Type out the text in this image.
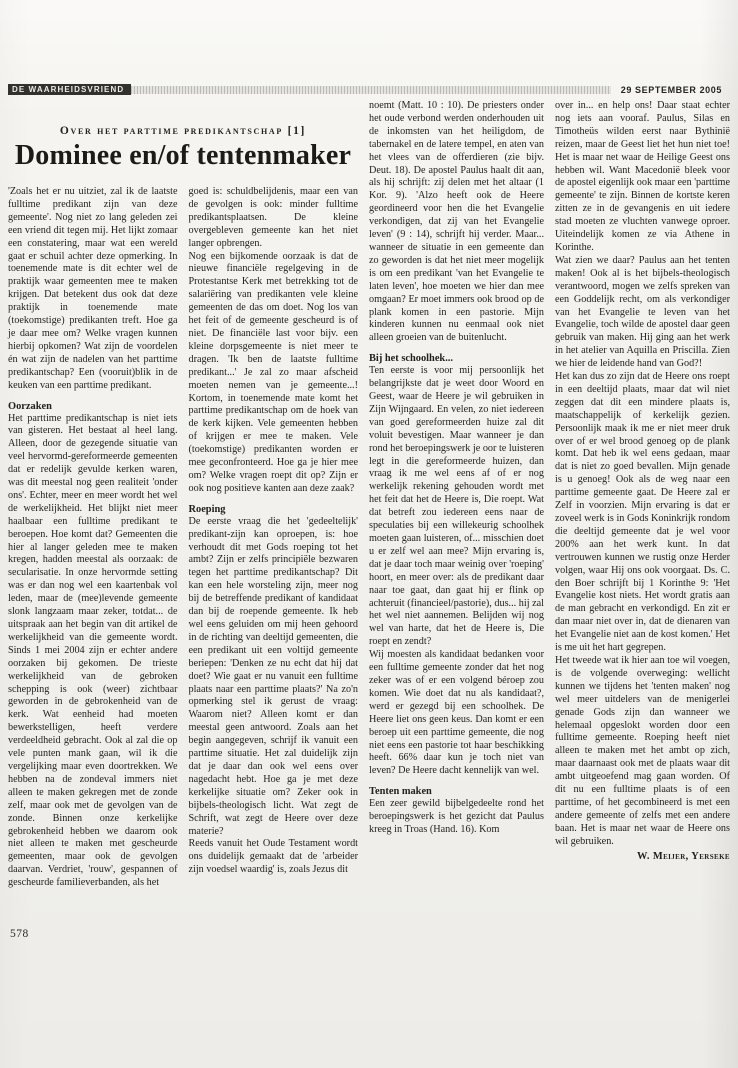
DE WAARHEIDSVRIEND	29 SEPTEMBER 2005
Over het parttime predikantschap [1]
Dominee en/of tentenmaker

'Zoals het er nu uitziet, zal ik de laatste fulltime predikant zijn van deze gemeente'. Nog niet zo lang geleden zei een vriend dit tegen mij. Het lijkt zomaar een constatering, maar wat een wereld gaat er schuil achter deze opmerking. In toenemende mate is dit echter wel de praktijk waar gemeenten mee te maken krijgen. Dat betekent dus ook dat deze praktijk in toenemende mate (toekomstige) predikanten treft. Hoe ga je daar mee om? Welke vragen kunnen hierbij opkomen? Wat zijn de voordelen én wat zijn de nadelen van het parttime predikantschap? Een (vooruit)blik in de keuken van een parttime predikant.

Oorzaken

Het parttime predikantschap is niet iets van gisteren. Het bestaat al heel lang. Alleen, door de gezegende situatie van veel hervormd-gereformeerde gemeenten dat er redelijk gevulde kerken waren, was dit meestal nog geen realiteit 'onder ons'. Echter, meer en meer wordt het wel de werkelijkheid. Het blijkt niet meer haalbaar een fulltime predikant te beroepen. Hoe komt dat? Gemeenten die hier al langer geleden mee te maken kregen, hadden meestal als oorzaak: de secularisatie. In onze hervormde setting was er dan nog wel een kaartenbak vol leden, maar de (mee)levende gemeente slonk langzaam maar zeker, totdat... de uitspraak aan het begin van dit artikel de werkelijkheid van die gemeente wordt. Sinds 1 mei 2004 zijn er echter andere oorzaken bij gekomen. De trieste werkelijkheid van de gebroken schepping is ook (weer) zichtbaar geworden in de gebrokenheid van de kerk. Wat eenheid had moeten bewerkstelligen, heeft verdere verdeeldheid gebracht. Ook al zal die op vele punten mank gaan, wil ik die vergelijking maar even doortrekken. We hebben na de zondeval immers niet alleen te maken gekregen met de zonde zelf, maar ook met de gevolgen van de zonde. Binnen onze kerkelijke gebrokenheid hebben we daarom ook niet alleen te maken met gescheurde gemeenten, maar ook de gevolgen daarvan. Verdriet, 'rouw', gespannen of gescheurde familieverbanden, als het

goed is: schuldbelijdenis, maar een van de gevolgen is ook: minder fulltime predikantsplaatsen. De kleine overgebleven gemeente kan het niet langer opbrengen.

Nog een bijkomende oorzaak is dat de nieuwe financiële regelgeving in de Protestantse Kerk met betrekking tot de salariëring van predikanten vele kleine gemeenten de das om doet. Nog los van het feit of de gemeente gescheurd is of niet. De financiële last voor bijv. een kleine dorpsgemeente is niet meer te dragen. 'Ik ben de laatste fulltime predikant...' Je zal zo maar afscheid moeten nemen van je gemeente...! Kortom, in toenemende mate komt het parttime predikantschap om de hoek van de kerk kijken. Vele gemeenten hebben of krijgen er mee te maken. Vele (toekomstige) predikanten worden er mee geconfronteerd. Hoe ga je hier mee om? Welke vragen roept dit op? Zijn er ook nog positieve kanten aan deze zaak?

Roeping

De eerste vraag die het 'gedeeltelijk' predikant-zijn kan oproepen, is: hoe verhoudt dit met Gods roeping tot het ambt? Zijn er zelfs principiële bezwaren tegen het parttime predikantschap? Dit kan een hele worsteling zijn, meer nog bij de betreffende predikant of kandidaat dan bij de roepende gemeente. Ik heb wel eens geluiden om mij heen gehoord in de richting van deeltijd gemeenten, die een predikant uit een voltijd gemeente beriepen: 'Denken ze nu echt dat hij dat doet? Wie gaat er nu vanuit een fulltime plaats naar een parttime plaats?' Na zo'n opmerking stel ik gerust de vraag: Waarom niet? Alleen komt er dan meestal geen antwoord. Zoals aan het begin aangegeven, schrijf ik vanuit een parttime situatie. Het zal duidelijk zijn dat je daar dan ook wel eens over nagedacht hebt. Hoe ga je met deze kerkelijke situatie om? Zeker ook in bijbels-theologisch licht. Wat zegt de Schrift, wat zegt de Heere over deze materie?

Reeds vanuit het Oude Testament wordt ons duidelijk gemaakt dat de 'arbeider zijn voedsel waardig' is, zoals Jezus dit

noemt (Matt. 10 : 10). De priesters onder het oude verbond werden onderhouden uit de inkomsten van het heiligdom, de tabernakel en de latere tempel, en aten van het vlees van de offerdieren (zie bijv. Deut. 18). De apostel Paulus haalt dit aan, als hij schrijft: zij delen met het altaar (1 Kor. 9). 'Alzo heeft ook de Heere geordineerd voor hen die het Evangelie verkondigen, dat zij van het Evangelie leven' (9 : 14), schrijft hij verder. Maar... wanneer de situatie in een gemeente dan zo geworden is dat het niet meer mogelijk is om een predikant 'van het Evangelie te laten leven', hoe moeten we hier dan mee omgaan? Er moet immers ook brood op de plank komen in een pastorie. Mijn kinderen kunnen nu eenmaal ook niet alleen groeien van de buitenlucht.

Bij het schoolhek...

Ten eerste is voor mij persoonlijk het belangrijkste dat je weet door Woord en Geest, waar de Heere je wil gebruiken in Zijn Wijngaard. En velen, zo niet iedereen van goed gereformeerden huize zal dit voluit bevestigen. Maar wanneer je dan rond het beroepingswerk je oor te luisteren legt in die gereformeerde huizen, dan vraag ik me wel eens af of er nog werkelijk rekening gehouden wordt met het feit dat het de Heere is, Die roept. Wat dat betreft zou iedereen eens naar de speculaties bij een willekeurig schoolhek moeten gaan luisteren, of... misschien doet u er zelf wel aan mee? Mijn ervaring is, dat je daar toch maar weinig over 'roeping' hoort, en meer over: als de predikant daar naar toe gaat, dan gaat hij er flink op achteruit (financieel/pastorie), dus... hij zal het wel niet aannemen. Belijden wij nog wel van harte, dat het de Heere is, Die roept en zendt?

Wij moesten als kandidaat bedanken voor een fulltime gemeente zonder dat het nog zeker was of er een volgend béroep zou komen. Wie doet dat nu als kandidaat?, werd er gezegd bij een schoolhek. De Heere liet ons geen keus. Dan komt er een beroep uit een parttime gemeente, die nog niet eens een pastorie tot haar beschikking heeft. 66% daar kun je toch niet van leven? De Heere dacht kennelijk van wel.

Tenten maken

Een zeer gewild bijbelgedeelte rond het beroepingswerk is het gezicht dat Paulus kreeg in Troas (Hand. 16). Kom

over in... en help ons! Daar staat echter nog iets aan vooraf. Paulus, Silas en Timotheüs wilden eerst naar Bythinië reizen, maar de Geest liet het hun niet toe! Het is maar net waar de Heilige Geest ons hebben wil. Want Macedonië bleek voor de apostel eigenlijk ook maar een 'parttime gemeente' te zijn. Binnen de kortste keren zitten ze in de gevangenis en uit iedere stad moeten ze vluchten vanwege oproer. Uiteindelijk komen ze via Athene in Korinthe.

Wat zien we daar? Paulus aan het tenten maken! Ook al is het bijbels-theologisch verantwoord, mogen we zelfs spreken van een Goddelijk recht, om als verkondiger van het Evangelie te leven van het Evangelie, toch wilde de apostel daar geen gebruik van maken. Hij ging aan het werk in het atelier van Aquilla en Priscilla. Zien we hier de leidende hand van God?!

Het kan dus zo zijn dat de Heere ons roept in een deeltijd plaats, maar dat wil niet zeggen dat dit een mindere plaats is, maatschappelijk of kerkelijk gezien. Persoonlijk maak ik me er niet meer druk over of er wel brood genoeg op de plank komt. Dat heb ik wel eens gedaan, maar dat is niet zo goed bevallen. Mijn genade is u genoeg! Ook als de weg naar een parttime gemeente gaat. De Heere zal er Zelf in voorzien. Mijn ervaring is dat er zoveel werk is in Gods Koninkrijk rondom die deeltijd gemeente dat je wel voor 200% aan het werk kunt. In dat vertrouwen kunnen we rustig onze Herder volgen, waar Hij ons ook voorgaat. Ds. C. den Boer schrijft bij 1 Korinthe 9: 'Het Evangelie kost niets. Het wordt gratis aan de man gebracht en verkondigd. En zit er dan maar niet over in, dat de dienaren van het Evangelie niet aan de kost komen.' Het is me uit het hart gegrepen.

Het tweede wat ik hier aan toe wil voegen, is de volgende overweging: wellicht kunnen we tijdens het 'tenten maken' nog wel meer uitdelers van de menigerlei genade Gods zijn dan wanneer we helemaal opgeslokt worden door een fulltime gemeente. Roeping heeft niet alleen te maken met het ambt op zich, maar daarnaast ook met de plaats waar dit ambt uitgeoefend mag gaan worden. Of dit nu een fulltime plaats is of een parttime, of het gecombineerd is met een andere gemeente of zelfs met een andere baan. Het is maar net waar de Heere ons wil gebruiken.

W. Meijer, Yerseke

578
